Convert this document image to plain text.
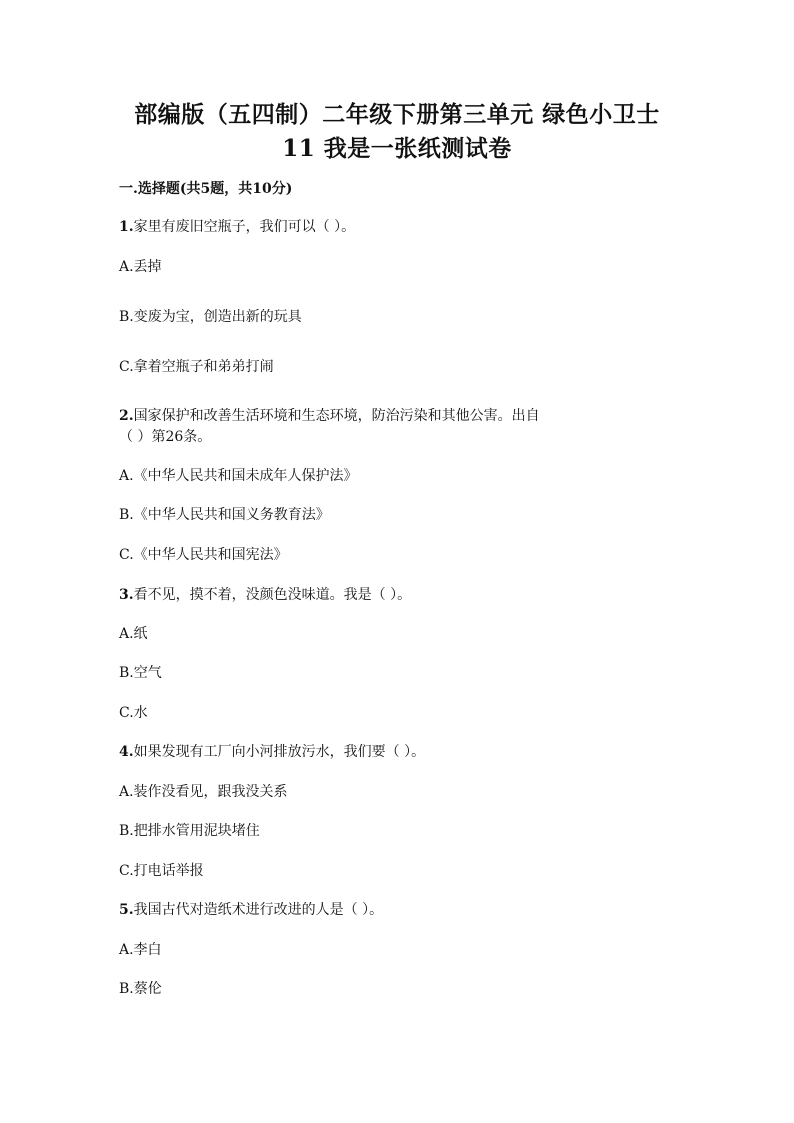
部编版（五四制）二年级下册第三单元 绿色小卫士
11 我是一张纸测试卷
一.选择题(共5题，共10分)
1.家里有废旧空瓶子，我们可以（ ）。
A.丢掉
B.变废为宝，创造出新的玩具
C.拿着空瓶子和弟弟打闹
2.国家保护和改善生活环境和生态环境，防治污染和其他公害。出自
（ ）第26条。
A.《中华人民共和国未成年人保护法》
B.《中华人民共和国义务教育法》
C.《中华人民共和国宪法》
3.看不见，摸不着，没颜色没味道。我是（ ）。
A.纸
B.空气
C.水
4.如果发现有工厂向小河排放污水，我们要（ ）。
A.装作没看见，跟我没关系
B.把排水管用泥块堵住
C.打电话举报
5.我国古代对造纸术进行改进的人是（ ）。
A.李白
B.蔡伦
